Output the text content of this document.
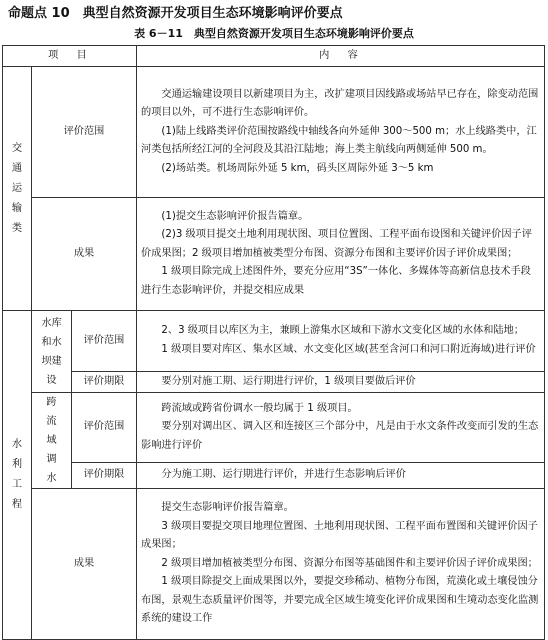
命题点 10　典型自然资源开发项目生态环境影响评价要点
表 6－11　典型自然资源开发项目生态环境影响评价要点
项　目			内　容

交通运输类	评价范围		交通运输建设项目以新建项目为主，改扩建项目因线路或场站早已存在，除变动范围的项目以外，可不进行生态影响评价。
(1)陆上线路类评价范围按路线中轴线各向外延伸 300～500 m；水上线路类中，江河类包括所经江河的全河段及其沿江陆地；海上类主航线向两侧延伸 500 m。
(2)场站类。机场周际外延 5 km，码头区周际外延 3～5 km

	成果		(1)提交生态影响评价报告篇章。
(2)3 级项目提交土地利用现状图、项目位置图、工程平面布设图和关键评价因子评价成果图；2 级项目增加植被类型分布图、资源分布图和主要评价因子评价成果图；
1 级项目除完成上述图件外，要充分应用“3S”一体化、多媒体等高新信息技术手段进行生态影响评价，并提交相应成果

水利工程	水库和水坝建设	评价范围	2、3 级项目以库区为主，兼顾上游集水区域和下游水文变化区域的水体和陆地；
1 级项目要对库区、集水区域、水文变化区域(甚至含河口和河口附近海域)进行评价

		评价期限	要分别对施工期、运行期进行评价，1 级项目要做后评价

	跨流域调水	评价范围	跨流域或跨省份调水一般均属于 1 级项目。
要分别对调出区、调入区和连接区三个部分中，凡是由于水文条件改变而引发的生态影响进行评价

		评价期限	分为施工期、运行期进行评价，并进行生态影响后评价

	成果		提交生态影响评价报告篇章。
3 级项目要提交项目地理位置图、土地利用现状图、工程平面布置图和关键评价因子成果图；
2 级项目增加植被类型分布图、资源分布图等基础图件和主要评价因子评价成果图；
1 级项目除提交上面成果图以外，要提交珍稀动、植物分布图，荒漠化或土壤侵蚀分布图，景观生态质量评价图等，并要完成全区域生境变化评价成果图和生境动态变化监测系统的建设工作
